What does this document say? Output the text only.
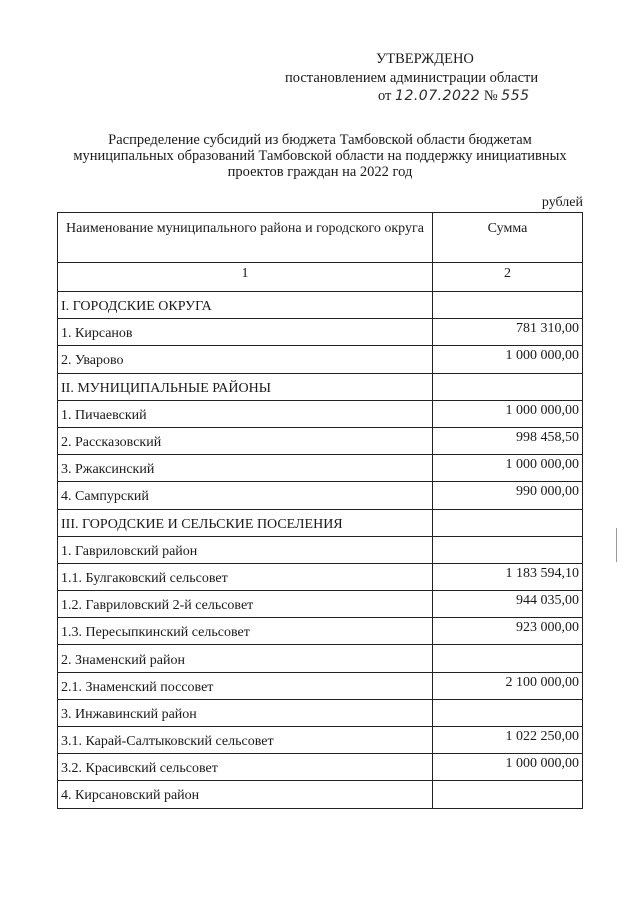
УТВЕРЖДЕНО
постановлением администрации области
от 12.07.2022 № 555
Распределение субсидий из бюджета Тамбовской области бюджетам
муниципальных образований Тамбовской области на поддержку инициативных
проектов граждан на 2022 год
рублей
Наименование муниципального района и городского округа	Сумма
1	2
I. ГОРОДСКИЕ ОКРУГА	
1. Кирсанов	781 310,00
2. Уварово	1 000 000,00
II. МУНИЦИПАЛЬНЫЕ РАЙОНЫ	
1. Пичаевский	1 000 000,00
2. Рассказовский	998 458,50
3. Ржаксинский	1 000 000,00
4. Сампурский	990 000,00
III. ГОРОДСКИЕ И СЕЛЬСКИЕ ПОСЕЛЕНИЯ	
1. Гавриловский район	
1.1. Булгаковский сельсовет	1 183 594,10
1.2. Гавриловский 2-й сельсовет	944 035,00
1.3. Пересыпкинский сельсовет	923 000,00
2. Знаменский район	
2.1. Знаменский поссовет	2 100 000,00
3. Инжавинский район	
3.1. Карай-Салтыковский сельсовет	1 022 250,00
3.2. Красивский сельсовет	1 000 000,00
4. Кирсановский район	
